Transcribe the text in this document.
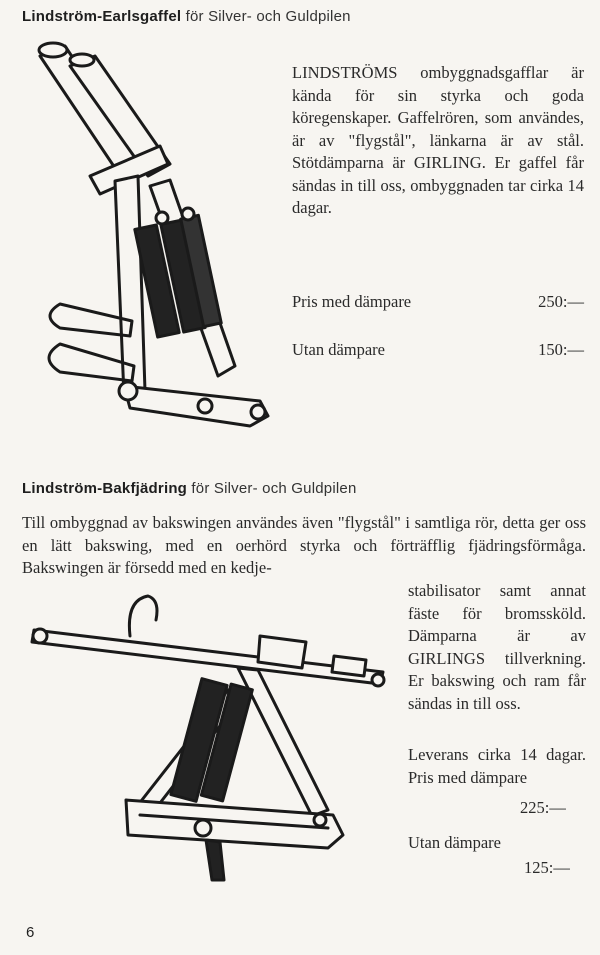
Lindström-Earlsgaffel för Silver- och Guldpilen
LINDSTRÖMS ombyggnadsgafflar är kända för sin styrka och goda köregenskaper. Gaffelrören, som användes, är av "flygstål", länkarna är av stål. Stötdämparna är GIRLING. Er gaffel får sändas in till oss, ombyggnaden tar cirka 14 dagar.
Pris med dämpare	250:—
Utan dämpare	150:—
Lindström-Bakfjädring för Silver- och Guldpilen
Till ombyggnad av bakswingen användes även "flygstål" i samtliga rör, detta ger oss en lätt bakswing, med en oerhörd styrka och förträfflig fjädringsförmåga. Bakswingen är försedd med en kedje-
stabilisator samt annat fäste för bromssköld. Dämparna är av GIRLINGS tillverkning. Er bakswing och ram får sändas in till oss.
Leverans cirka 14 dagar. Pris med dämpare
225:—
Utan dämpare
125:—
6
